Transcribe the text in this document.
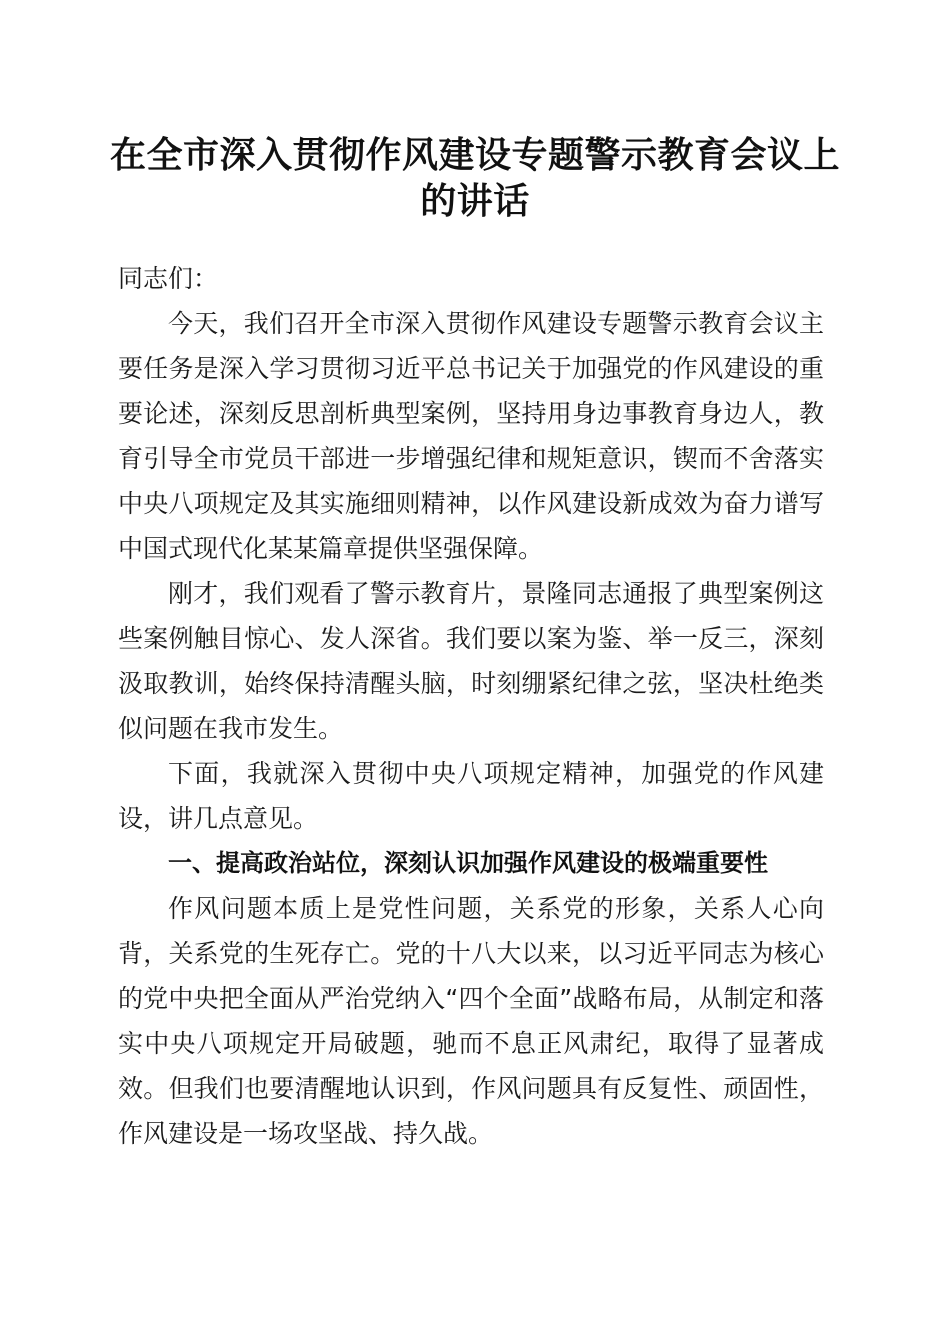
在全市深入贯彻作风建设专题警示教育会议上的讲话

同志们：

今天，我们召开全市深入贯彻作风建设专题警示教育会议主要任务是深入学习贯彻习近平总书记关于加强党的作风建设的重要论述，深刻反思剖析典型案例，坚持用身边事教育身边人，教育引导全市党员干部进一步增强纪律和规矩意识，锲而不舍落实中央八项规定及其实施细则精神，以作风建设新成效为奋力谱写中国式现代化某某篇章提供坚强保障。

刚才，我们观看了警示教育片，景隆同志通报了典型案例这些案例触目惊心、发人深省。我们要以案为鉴、举一反三，深刻汲取教训，始终保持清醒头脑，时刻绷紧纪律之弦，坚决杜绝类似问题在我市发生。

下面，我就深入贯彻中央八项规定精神，加强党的作风建设，讲几点意见。

一、提高政治站位，深刻认识加强作风建设的极端重要性

作风问题本质上是党性问题，关系党的形象，关系人心向背，关系党的生死存亡。党的十八大以来，以习近平同志为核心的党中央把全面从严治党纳入“四个全面”战略布局，从制定和落实中央八项规定开局破题，驰而不息正风肃纪，取得了显著成效。但我们也要清醒地认识到，作风问题具有反复性、顽固性，作风建设是一场攻坚战、持久战。
